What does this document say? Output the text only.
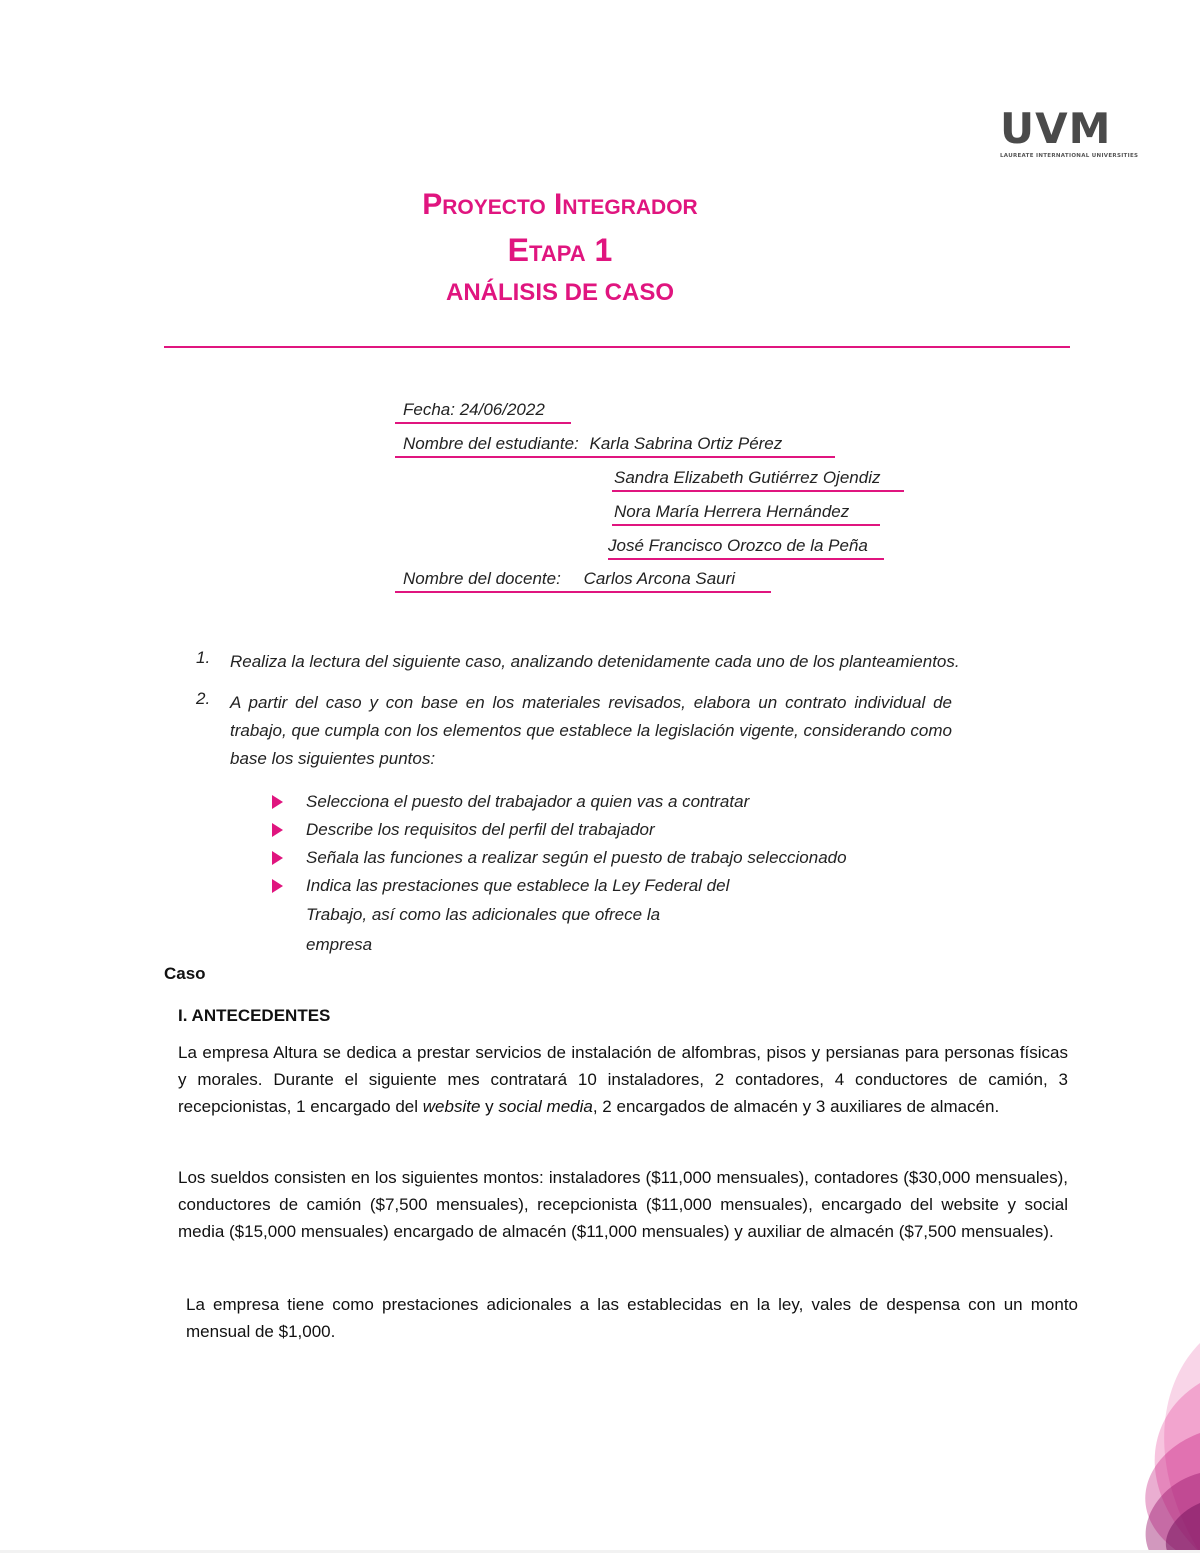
UVM
LAUREATE INTERNATIONAL UNIVERSITIES
Proyecto Integrador
Etapa 1
ANÁLISIS DE CASO
Fecha: 24/06/2022
Nombre del estudiante: Karla Sabrina Ortiz Pérez
Sandra Elizabeth Gutiérrez Ojendiz
Nora María Herrera Hernández
José Francisco Orozco de la Peña
Nombre del docente: Carlos Arcona Sauri
1. Realiza la lectura del siguiente caso, analizando detenidamente cada uno de los planteamientos.
2. A partir del caso y con base en los materiales revisados, elabora un contrato individual de trabajo, que cumpla con los elementos que establece la legislación vigente, considerando como base los siguientes puntos:
Selecciona el puesto del trabajador a quien vas a contratar
Describe los requisitos del perfil del trabajador
Señala las funciones a realizar según el puesto de trabajo seleccionado
Indica las prestaciones que establece la Ley Federal del
Trabajo, así como las adicionales que ofrece la
empresa
Caso
I. ANTECEDENTES
La empresa Altura se dedica a prestar servicios de instalación de alfombras, pisos y persianas para personas físicas y morales. Durante el siguiente mes contratará 10 instaladores, 2 contadores, 4 conductores de camión, 3 recepcionistas, 1 encargado del website y social media, 2 encargados de almacén y 3 auxiliares de almacén.
Los sueldos consisten en los siguientes montos: instaladores ($11,000 mensuales), contadores ($30,000 mensuales), conductores de camión ($7,500 mensuales), recepcionista ($11,000 mensuales), encargado del website y social media ($15,000 mensuales) encargado de almacén ($11,000 mensuales) y auxiliar de almacén ($7,500 mensuales).
La empresa tiene como prestaciones adicionales a las establecidas en la ley, vales de despensa con un monto mensual de $1,000.
